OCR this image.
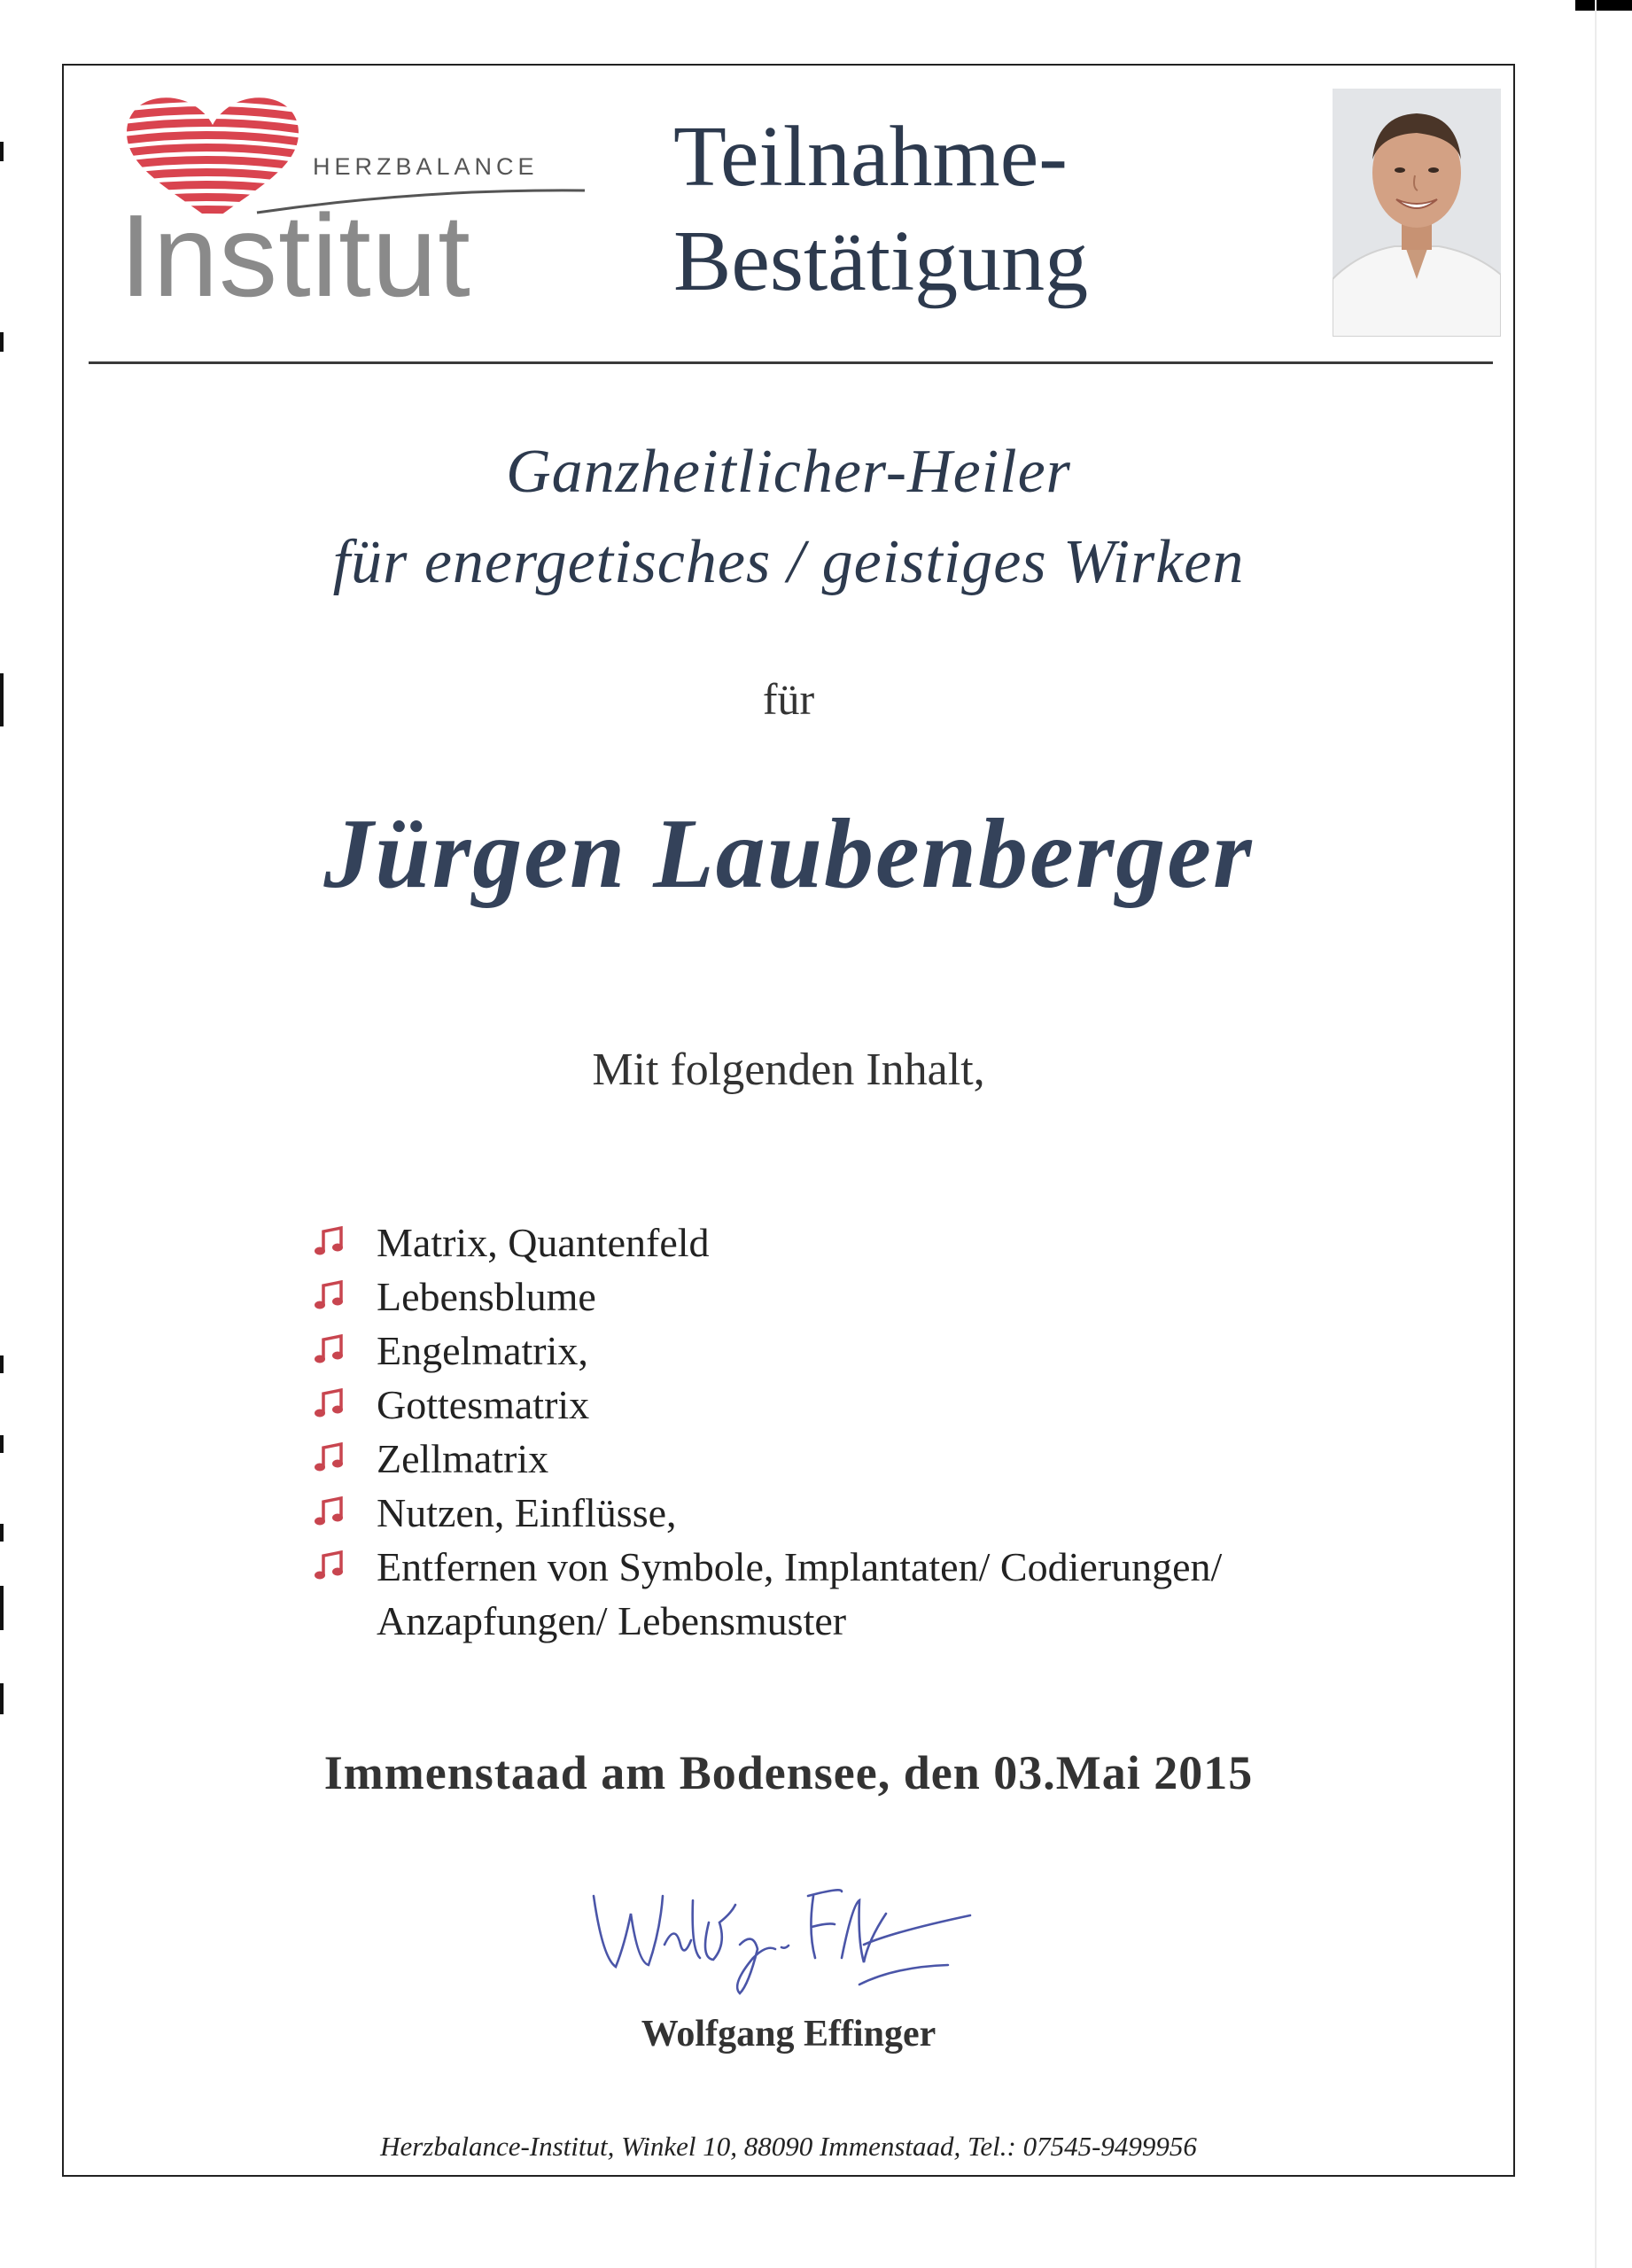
HERZBALANCE
Institut
Teilnahme-
Bestätigung
Ganzheitlicher-Heiler
für energetisches / geistiges Wirken
für
Jürgen Laubenberger
Mit folgenden Inhalt,
Matrix, Quantenfeld
Lebensblume
Engelmatrix,
Gottesmatrix
Zellmatrix
Nutzen, Einflüsse,
Entfernen von Symbole, Implantaten/ Codierungen/
Anzapfungen/ Lebensmuster
Immenstaad am Bodensee, den 03.Mai 2015
Wolfgang Effinger
Herzbalance-Institut, Winkel 10, 88090 Immenstaad, Tel.: 07545-9499956
